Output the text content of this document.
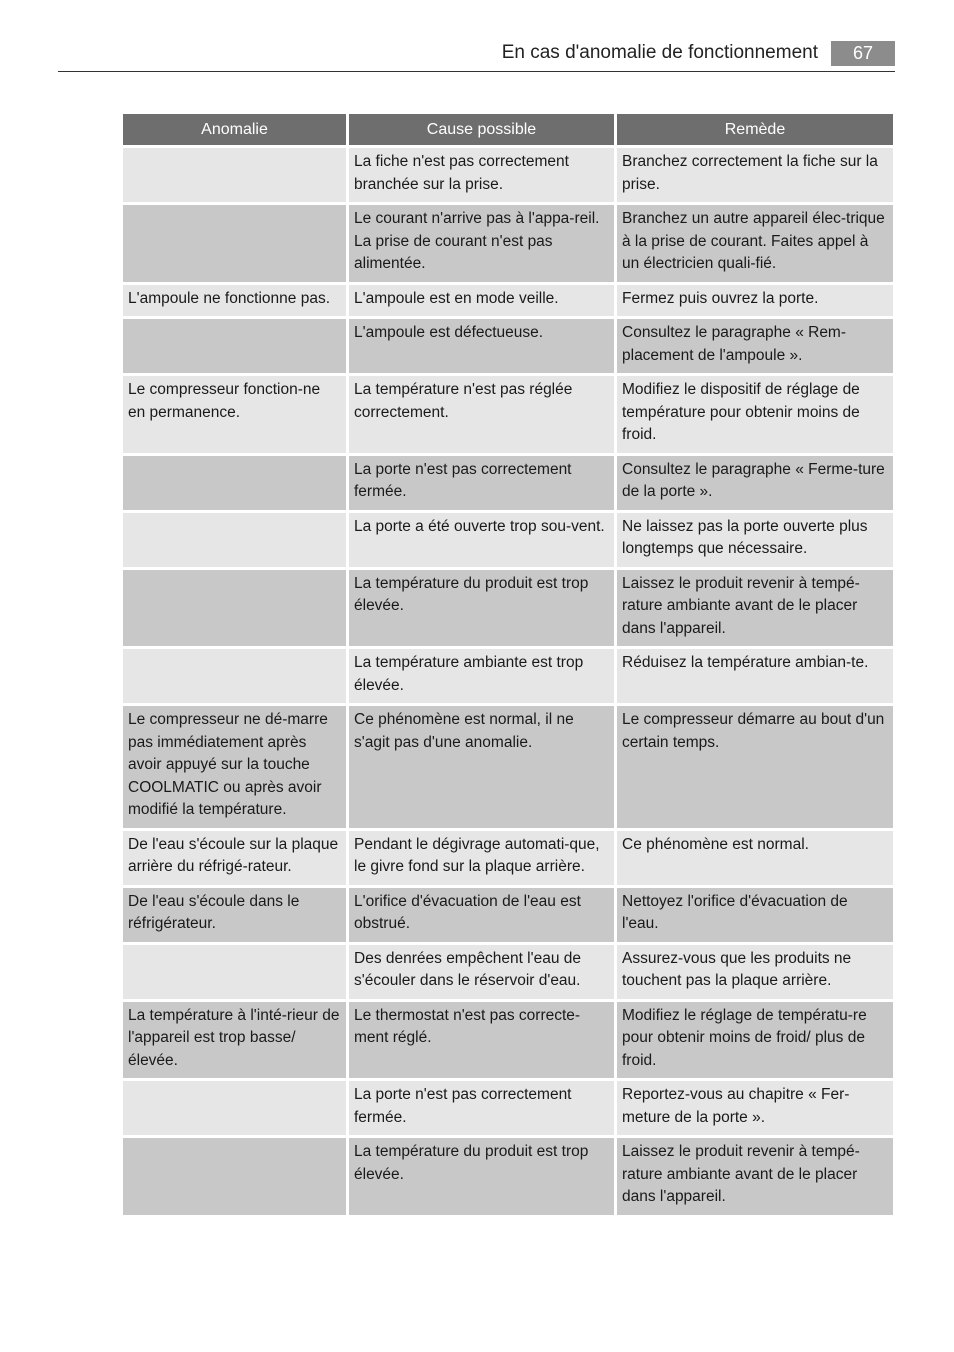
En cas d'anomalie de fonctionnement	67
Anomalie	Cause possible	Remède
	La fiche n'est pas correctement branchée sur la prise.	Branchez correctement la fiche sur la prise.
	Le courant n'arrive pas à l'appa-reil. La prise de courant n'est pas alimentée.	Branchez un autre appareil élec-trique à la prise de courant. Faites appel à un électricien quali-fié.
L'ampoule ne fonctionne pas.	L'ampoule est en mode veille.	Fermez puis ouvrez la porte.
	L'ampoule est défectueuse.	Consultez le paragraphe « Rem-placement de l'ampoule ».
Le compresseur fonction-ne en permanence.	La température n'est pas réglée correctement.	Modifiez le dispositif de réglage de température pour obtenir moins de froid.
	La porte n'est pas correctement fermée.	Consultez le paragraphe « Ferme-ture de la porte ».
	La porte a été ouverte trop sou-vent.	Ne laissez pas la porte ouverte plus longtemps que nécessaire.
	La température du produit est trop élevée.	Laissez le produit revenir à tempé-rature ambiante avant de le placer dans l'appareil.
	La température ambiante est trop élevée.	Réduisez la température ambian-te.
Le compresseur ne dé-marre pas immédiatement après avoir appuyé sur la touche COOLMATIC ou après avoir modifié la température.	Ce phénomène est normal, il ne s'agit pas d'une anomalie.	Le compresseur démarre au bout d'un certain temps.
De l'eau s'écoule sur la plaque arrière du réfrigé-rateur.	Pendant le dégivrage automati-que, le givre fond sur la plaque arrière.	Ce phénomène est normal.
De l'eau s'écoule dans le réfrigérateur.	L'orifice d'évacuation de l'eau est obstrué.	Nettoyez l'orifice d'évacuation de l'eau.
	Des denrées empêchent l'eau de s'écouler dans le réservoir d'eau.	Assurez-vous que les produits ne touchent pas la plaque arrière.
La température à l'inté-rieur de l'appareil est trop basse/élevée.	Le thermostat n'est pas correcte-ment réglé.	Modifiez le réglage de températu-re pour obtenir moins de froid/ plus de froid.
	La porte n'est pas correctement fermée.	Reportez-vous au chapitre « Fer-meture de la porte ».
	La température du produit est trop élevée.	Laissez le produit revenir à tempé-rature ambiante avant de le placer dans l'appareil.
